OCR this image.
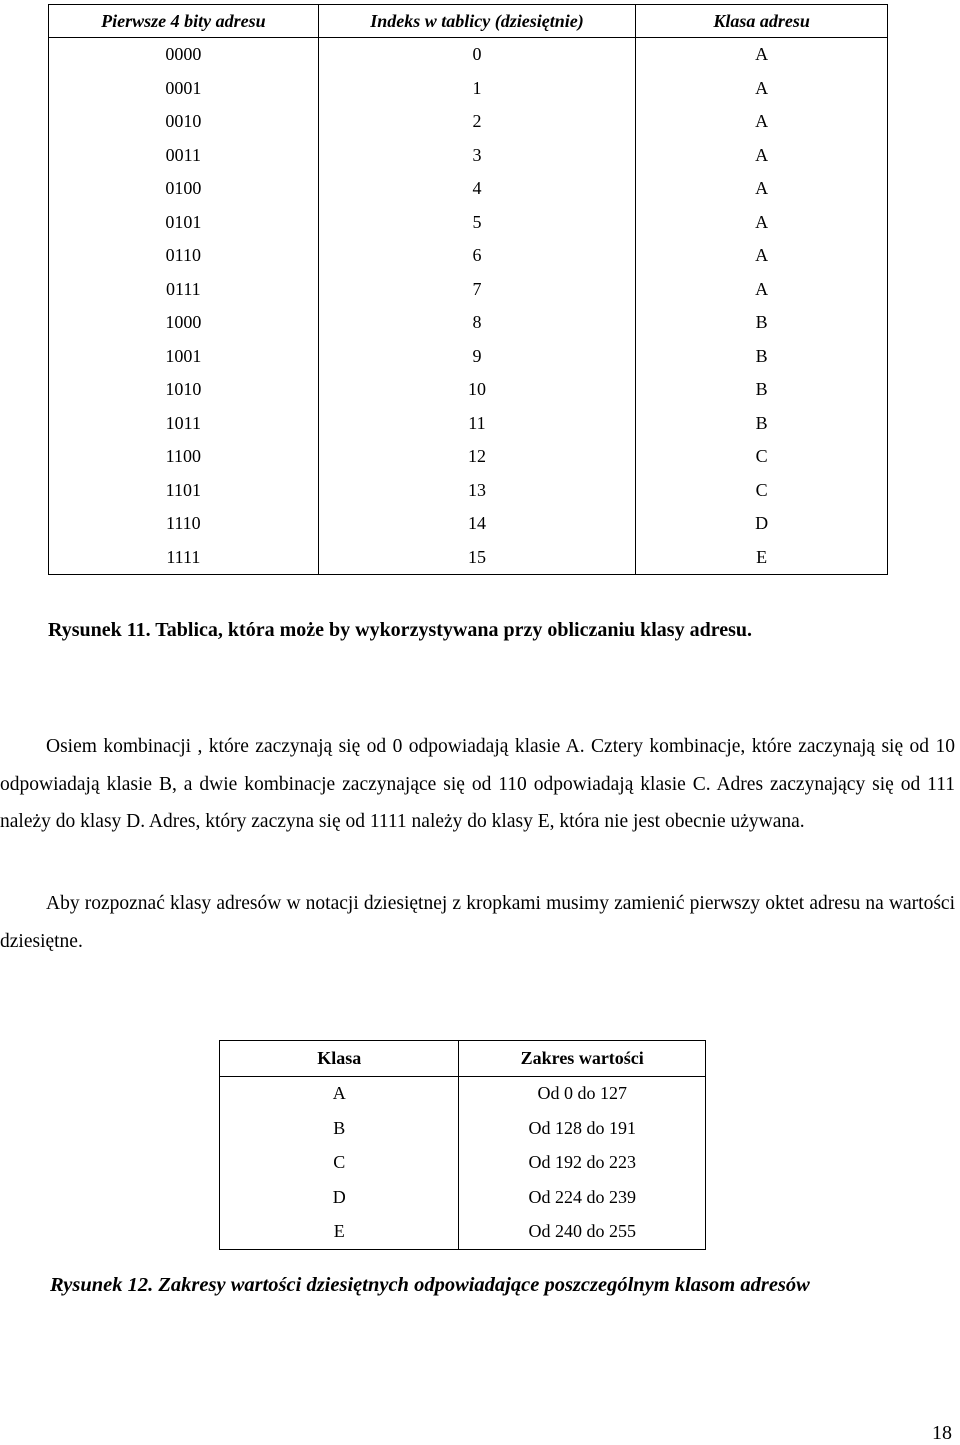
Pierwsze 4 bity adresu	Indeks w tablicy (dziesiętnie)	Klasa adresu
0000	0	A
0001	1	A
0010	2	A
0011	3	A
0100	4	A
0101	5	A
0110	6	A
0111	7	A
1000	8	B
1001	9	B
1010	10	B
1011	11	B
1100	12	C
1101	13	C
1110	14	D
1111	15	E
Rysunek 11. Tablica, która może by wykorzystywana przy obliczaniu klasy adresu.

Osiem kombinacji , które zaczynają się od 0 odpowiadają klasie A. Cztery kombinacje, które zaczynają się od 10 odpowiadają klasie B, a dwie kombinacje zaczynające się od 110 odpowiadają klasie C. Adres zaczynający się od 111 należy do klasy D. Adres, który zaczyna się od 1111 należy do klasy E, która nie jest obecnie używana.

Aby rozpoznać klasy adresów w notacji dziesiętnej z kropkami musimy zamienić pierwszy oktet adresu na wartości dziesiętne.

Klasa	Zakres wartości
A	Od 0 do 127
B	Od 128 do 191
C	Od 192 do 223
D	Od 224 do 239
E	Od 240 do 255
Rysunek 12. Zakresy wartości dziesiętnych odpowiadające poszczególnym klasom adresów
18
